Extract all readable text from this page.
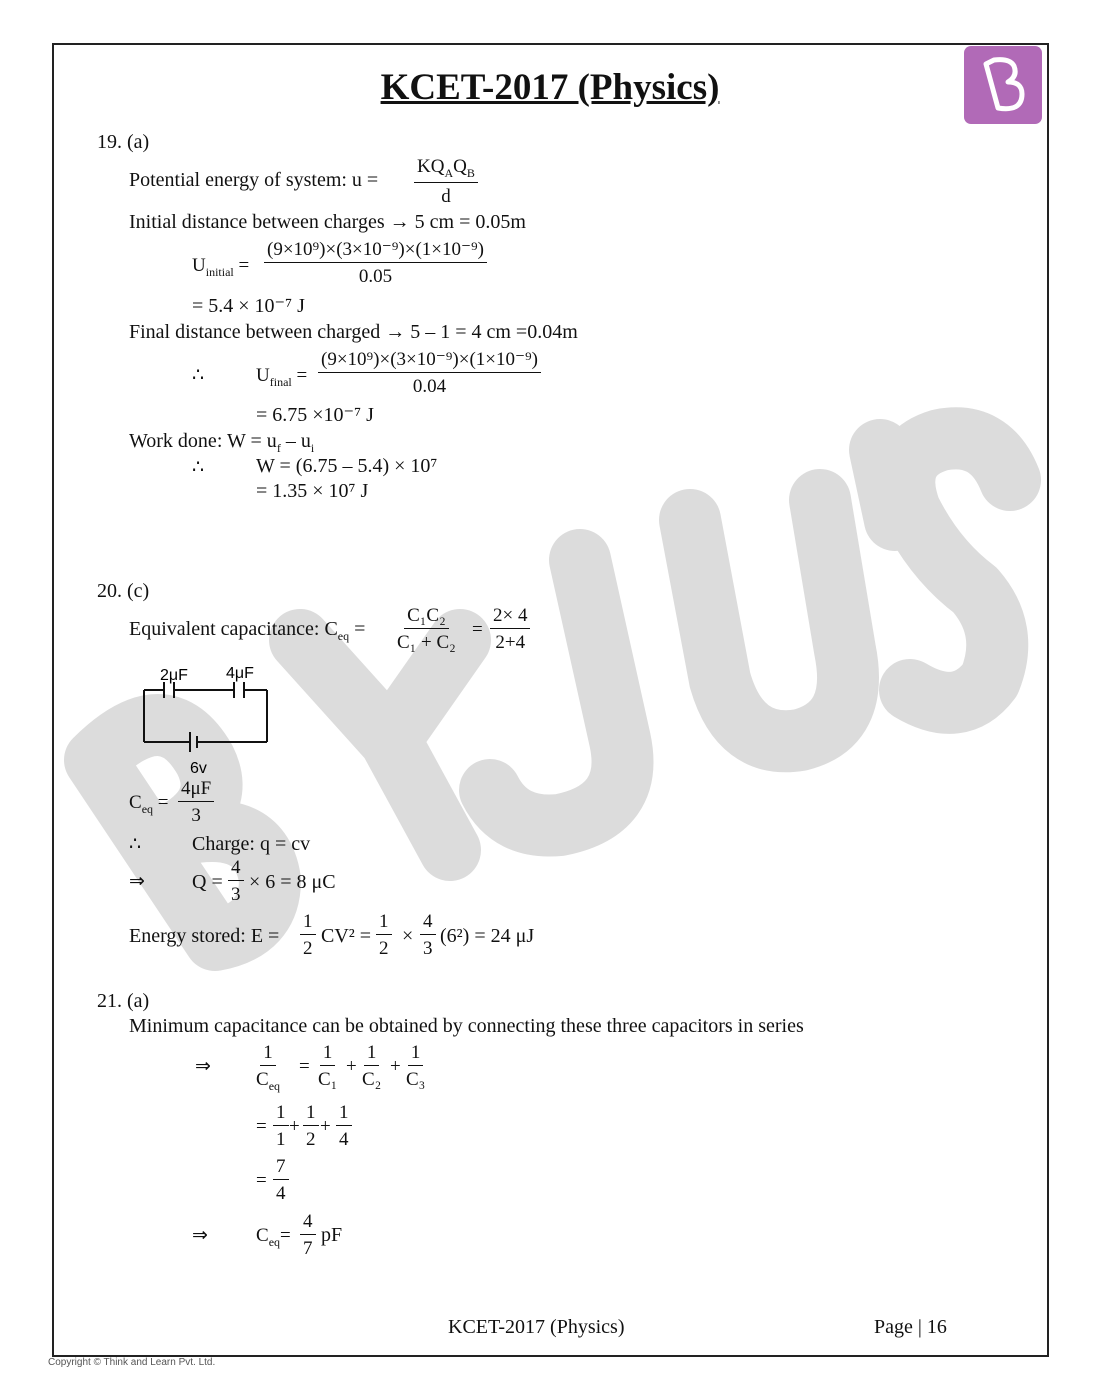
KCET-2017 (Physics)
19. (a)
Potential energy of system: u =
$KQ_AQ_B$
d
Initial distance between charges → 5 cm = 0.05m
$U_{initial} = \frac{\text{(9×10⁹)×(3×10⁻⁹)×(1×10⁻⁹)}}{0.05}$
= 5.4 × 10⁻⁷ J
Final distance between charged → 5 – 1 = 4 cm =0.04m
∴	$U_{final} = \frac{\text{(9×10⁹)×(3×10⁻⁹)×(1×10⁻⁹)}}{0.04}$
= 6.75 ×10⁻⁷ J
Work done: $W = u_f - u_i$
∴	W = (6.75 – 5.4) × 10⁷
= 1.35 × 10⁷ J
20. (c)
Equivalent capacitance: $C_{eq} = \frac{\text{C₁C₂}}{\text{C₁ + C₂}} = \frac{2\times 4}{2+4}$
2μF 4μF
6v
$C_{eq} = \frac{4\mu F}{3}$
∴	Charge: q = cv
⇒ $Q = \frac{4}{3} \times 6 = 8$ μC
Energy stored: $E = \frac{1}{2} CV^2 = \frac{1}{2} \times \frac{4}{3} (6^2) = 24$ μJ
21. (a)
Minimum capacitance can be obtained by connecting these three capacitors in series
⇒
1
$C_{eq}$
= $\frac{1}{\text{C₁}} + \frac{1}{\text{C₂}} + \frac{1}{\text{C₃}}$
= $\frac{1}{1} + \frac{1}{2} + \frac{1}{4}$
= $\frac{7}{4}$
⇒	$C_{eq}= \frac{4}{7}$ pF
KCET-2017 (Physics)	Page | 16
Copyright © Think and Learn Pvt. Ltd.
